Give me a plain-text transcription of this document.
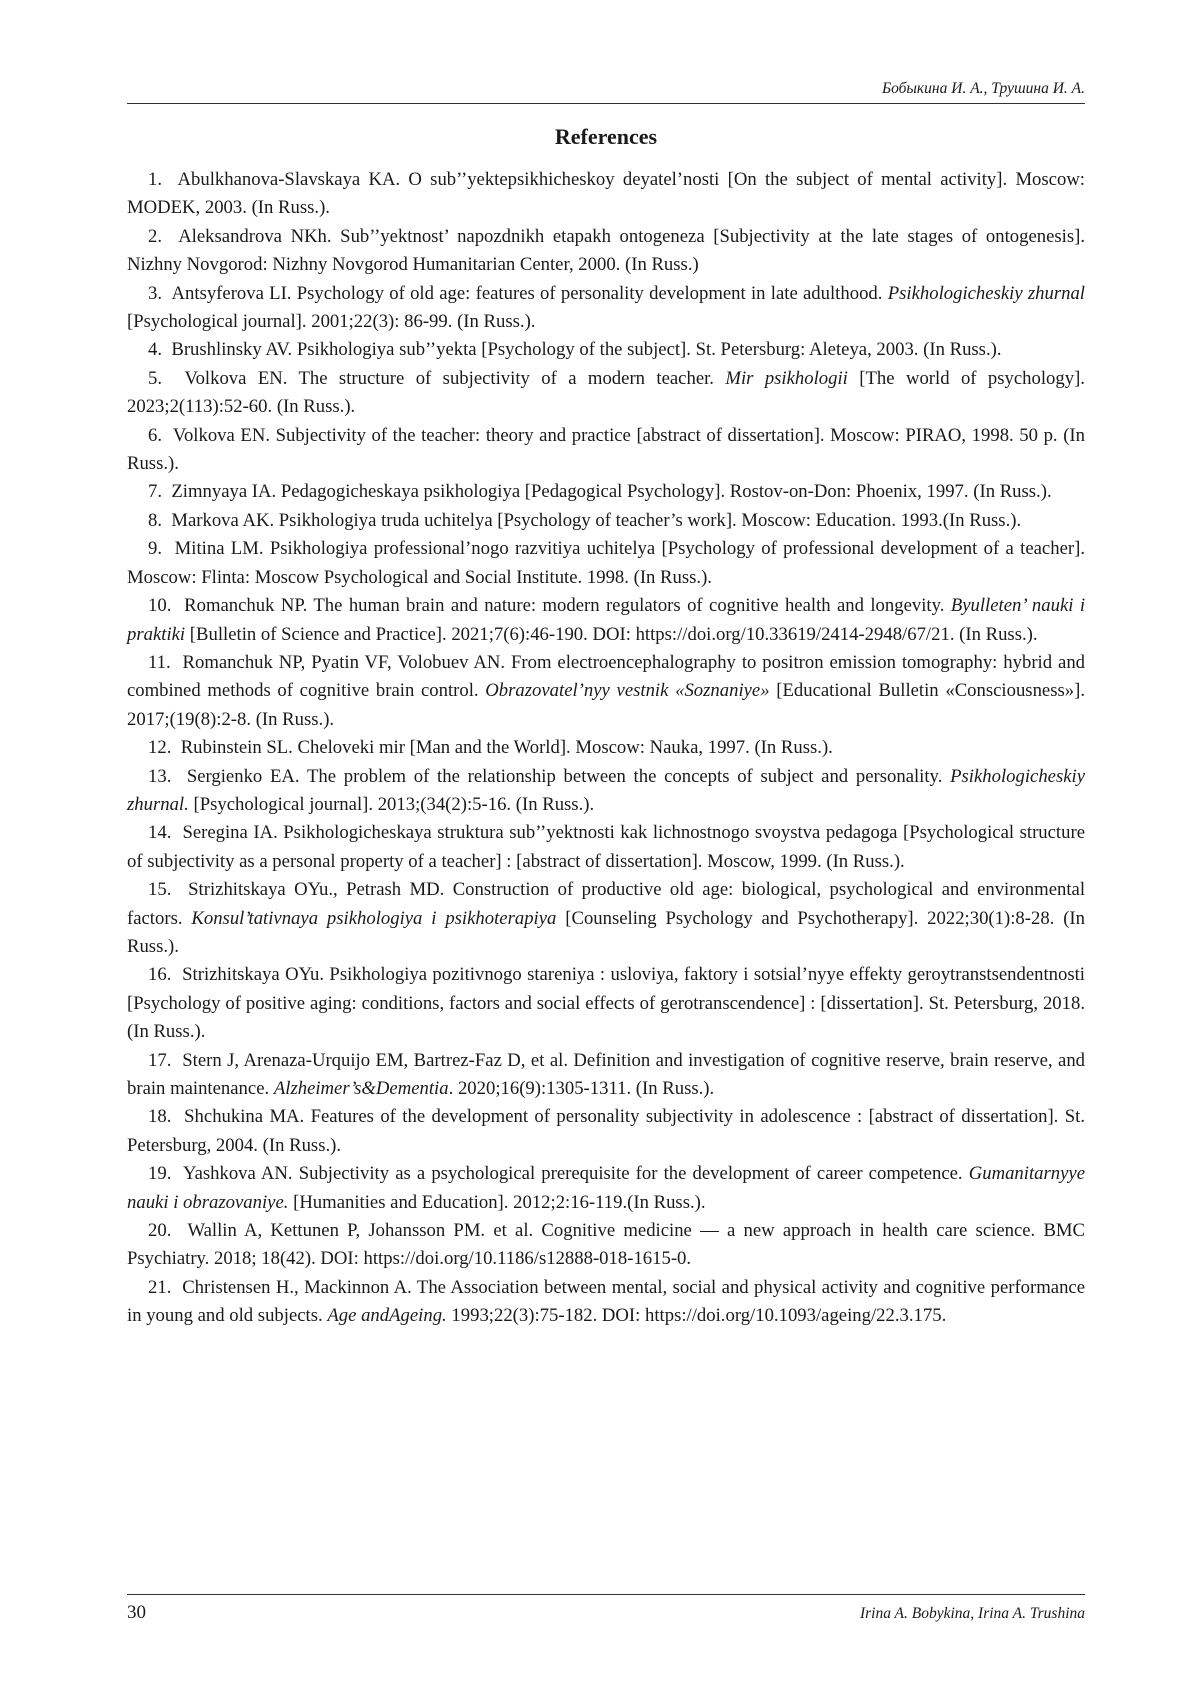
Бобыкина И. А., Трушина И. А.
References
1. Abulkhanova-Slavskaya KA. O sub’’yektepsikhicheskoy deyatel’nosti [On the subject of mental activity]. Moscow: MODEK, 2003. (In Russ.).
2. Aleksandrova NKh. Sub’’yektnost’ napozdnikh etapakh ontogeneza [Subjectivity at the late stages of ontogenesis]. Nizhny Novgorod: Nizhny Novgorod Humanitarian Center, 2000. (In Russ.)
3. Antsyferova LI. Psychology of old age: features of personality development in late adulthood. Psikhologicheskiy zhurnal [Psychological journal]. 2001;22(3): 86-99. (In Russ.).
4. Brushlinsky AV. Psikhologiya sub’’yekta [Psychology of the subject]. St. Petersburg: Aleteya, 2003. (In Russ.).
5. Volkova EN. The structure of subjectivity of a modern teacher. Mir psikhologii [The world of psychology]. 2023;2(113):52-60. (In Russ.).
6. Volkova EN. Subjectivity of the teacher: theory and practice [abstract of dissertation]. Moscow: PIRAO, 1998. 50 p. (In Russ.).
7. Zimnyaya IA. Pedagogicheskaya psikhologiya [Pedagogical Psychology]. Rostov-on-Don: Phoenix, 1997. (In Russ.).
8. Markova AK. Psikhologiya truda uchitelya [Psychology of teacher’s work]. Moscow: Education. 1993.(In Russ.).
9. Mitina LM. Psikhologiya professional’nogo razvitiya uchitelya [Psychology of professional development of a teacher]. Moscow: Flinta: Moscow Psychological and Social Institute. 1998. (In Russ.).
10. Romanchuk NP. The human brain and nature: modern regulators of cognitive health and longevity. Byulleten’ nauki i praktiki [Bulletin of Science and Practice]. 2021;7(6):46-190. DOI: https://doi.org/10.33619/2414-2948/67/21. (In Russ.).
11. Romanchuk NP, Pyatin VF, Volobuev AN. From electroencephalography to positron emission tomography: hybrid and combined methods of cognitive brain control. Obrazovatel’nyy vestnik «Soznaniye» [Educational Bulletin «Consciousness»]. 2017;(19(8):2-8. (In Russ.).
12. Rubinstein SL. Cheloveki mir [Man and the World]. Moscow: Nauka, 1997. (In Russ.).
13. Sergienko EA. The problem of the relationship between the concepts of subject and personality. Psikhologicheskiy zhurnal. [Psychological journal]. 2013;(34(2):5-16. (In Russ.).
14. Seregina IA. Psikhologicheskaya struktura sub’’yektnosti kak lichnostnogo svoystva pedagoga [Psychological structure of subjectivity as a personal property of a teacher] : [abstract of dissertation]. Moscow, 1999. (In Russ.).
15. Strizhitskaya OYu., Petrash MD. Construction of productive old age: biological, psychological and environmental factors. Konsul’tativnaya psikhologiya i psikhoterapiya [Counseling Psychology and Psychotherapy]. 2022;30(1):8-28. (In Russ.).
16. Strizhitskaya OYu. Psikhologiya pozitivnogo stareniya : usloviya, faktory i sotsial’nyye effekty geroytranstsendentnosti [Psychology of positive aging: conditions, factors and social effects of gerotranscendence] : [dissertation]. St. Petersburg, 2018. (In Russ.).
17. Stern J, Arenaza-Urquijo EM, Bartrez-Faz D, et al. Definition and investigation of cognitive reserve, brain reserve, and brain maintenance. Alzheimer’s&Dementia. 2020;16(9):1305-1311. (In Russ.).
18. Shchukina MA. Features of the development of personality subjectivity in adolescence : [abstract of dissertation]. St. Petersburg, 2004. (In Russ.).
19. Yashkova AN. Subjectivity as a psychological prerequisite for the development of career competence. Gumanitarnyye nauki i obrazovaniye. [Humanities and Education]. 2012;2:16-119.(In Russ.).
20. Wallin A, Kettunen P, Johansson PM. et al. Cognitive medicine — a new approach in health care science. BMC Psychiatry. 2018; 18(42). DOI: https://doi.org/10.1186/s12888-018-1615-0.
21. Christensen H., Mackinnon A. The Association between mental, social and physical activity and cognitive performance in young and old subjects. Age andAgeing. 1993;22(3):75-182. DOI: https://doi.org/10.1093/ageing/22.3.175.
30	Irina A. Bobykina, Irina A. Trushina
